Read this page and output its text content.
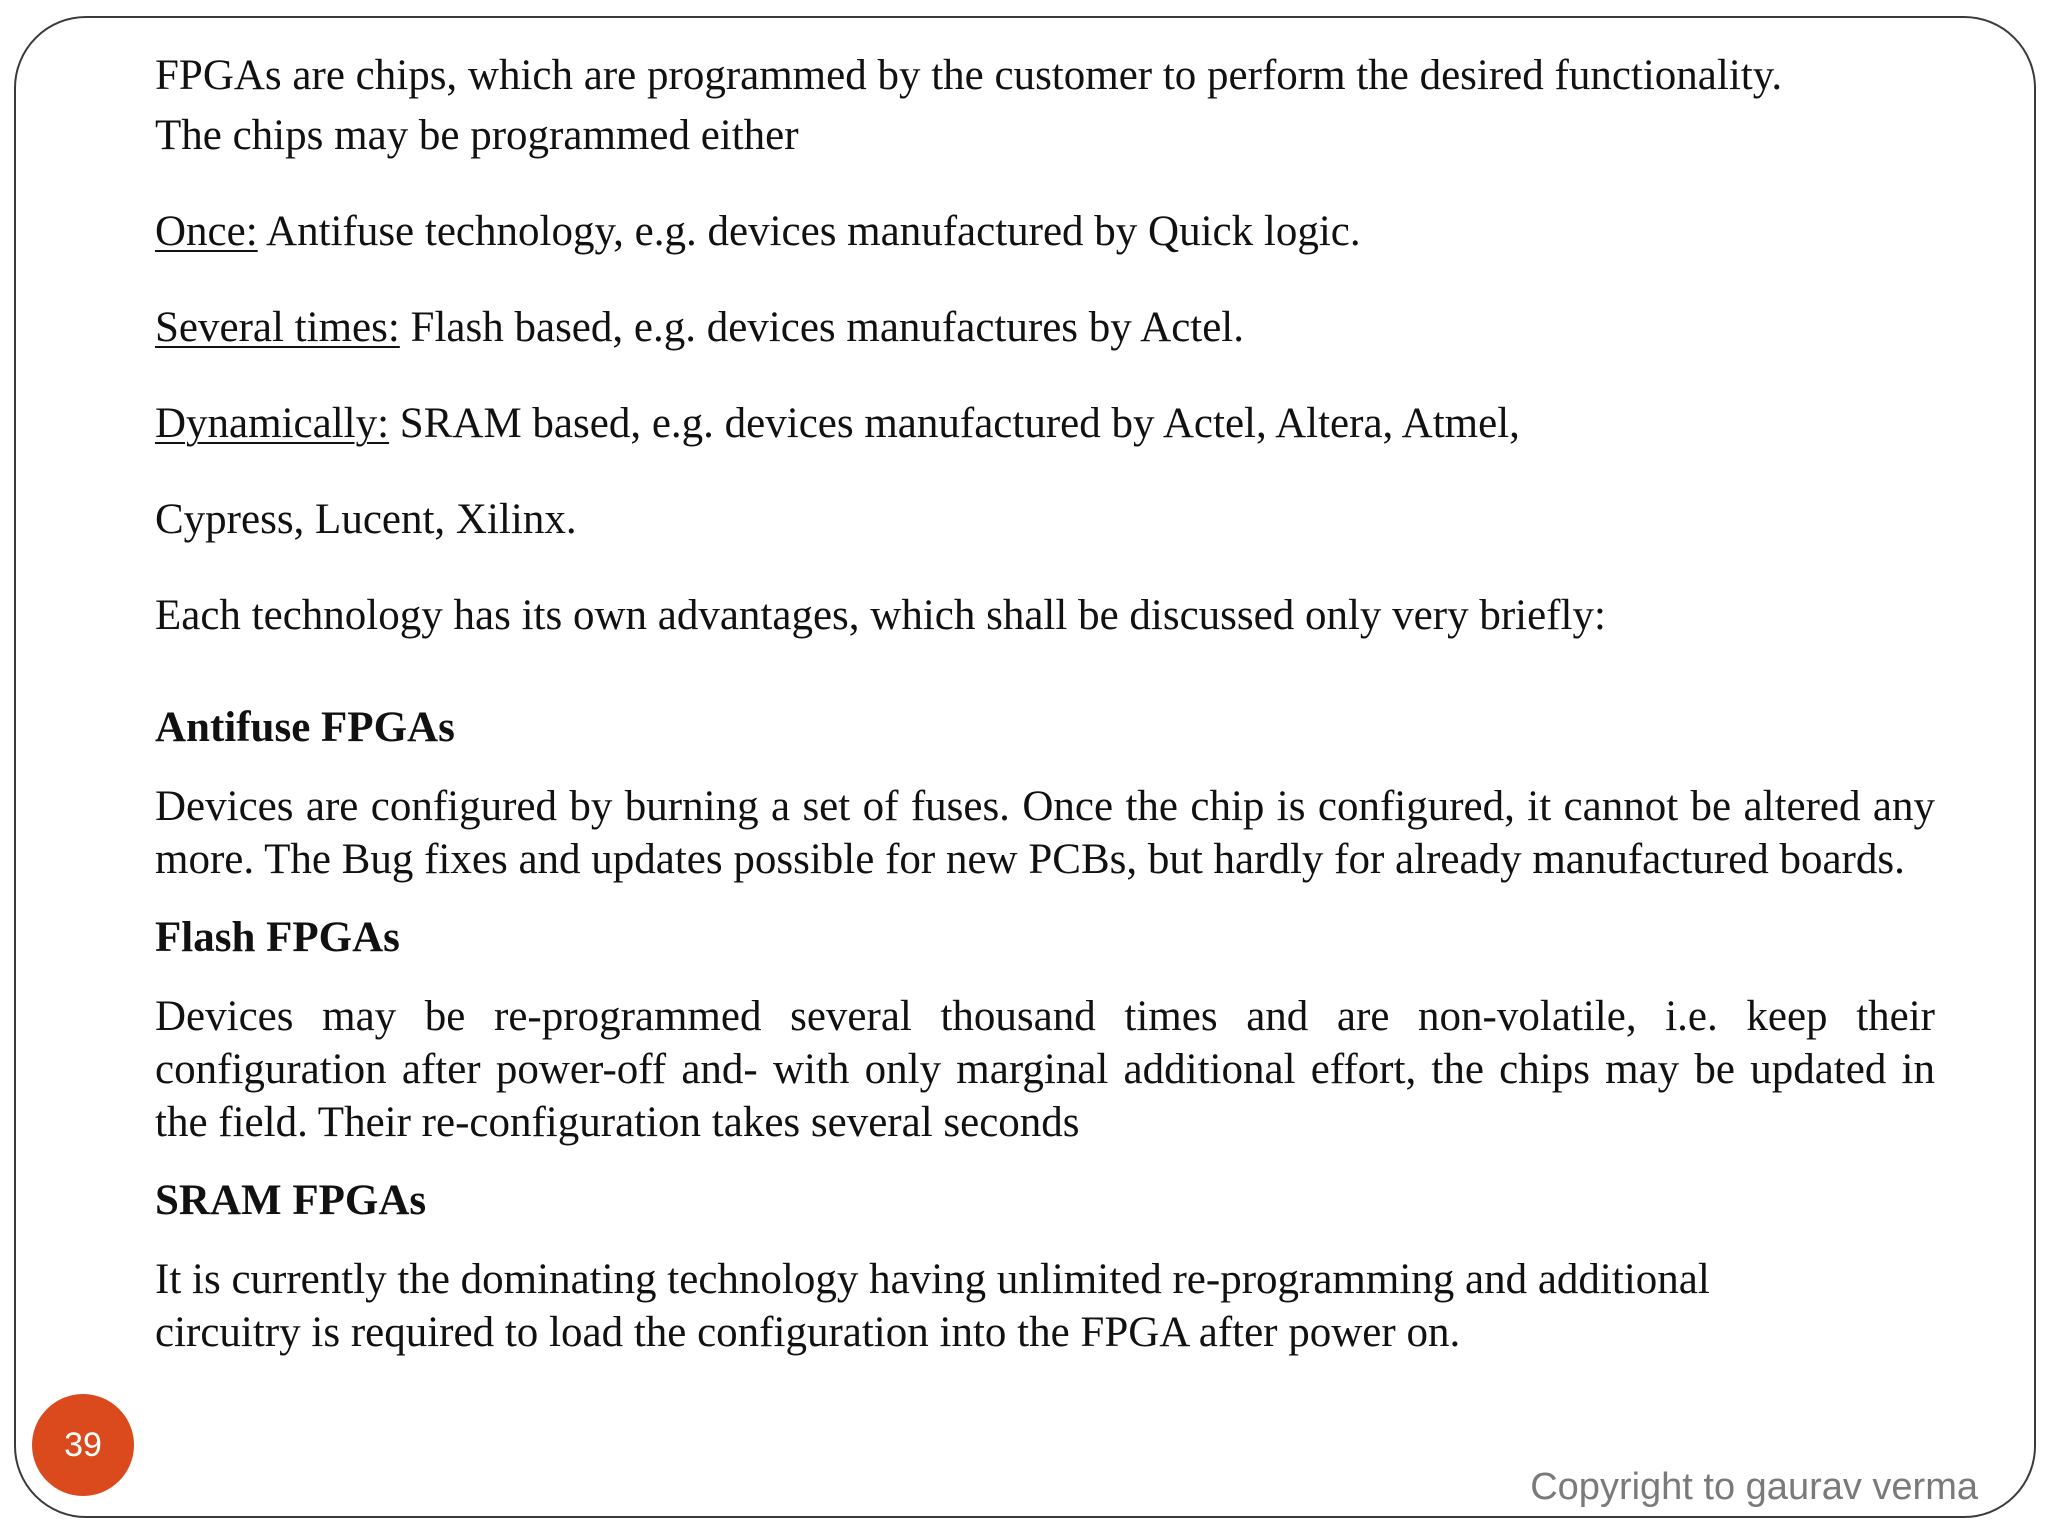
FPGAs are chips, which are programmed by the customer to perform the desired functionality.

The chips may be programmed either

Once: Antifuse technology, e.g. devices manufactured by Quick logic.

Several times: Flash based, e.g. devices manufactures by Actel.

Dynamically: SRAM based, e.g. devices manufactured by Actel, Altera, Atmel,

Cypress, Lucent, Xilinx.

Each technology has its own advantages, which shall be discussed only very briefly:

Antifuse FPGAs

Devices are configured by burning a set of fuses. Once the chip is configured, it cannot be altered any more. The Bug fixes and updates possible for new PCBs, but hardly for already manufactured boards.

Flash FPGAs

Devices may be re-programmed several thousand times and are non-volatile, i.e. keep their configuration after power-off and- with only marginal additional effort, the chips may be updated in the field. Their re-configuration takes several seconds

SRAM FPGAs

It is currently the dominating technology having unlimited re-programming and additional

circuitry is required to load the configuration into the FPGA after power on.

39
Copyright to gaurav verma
